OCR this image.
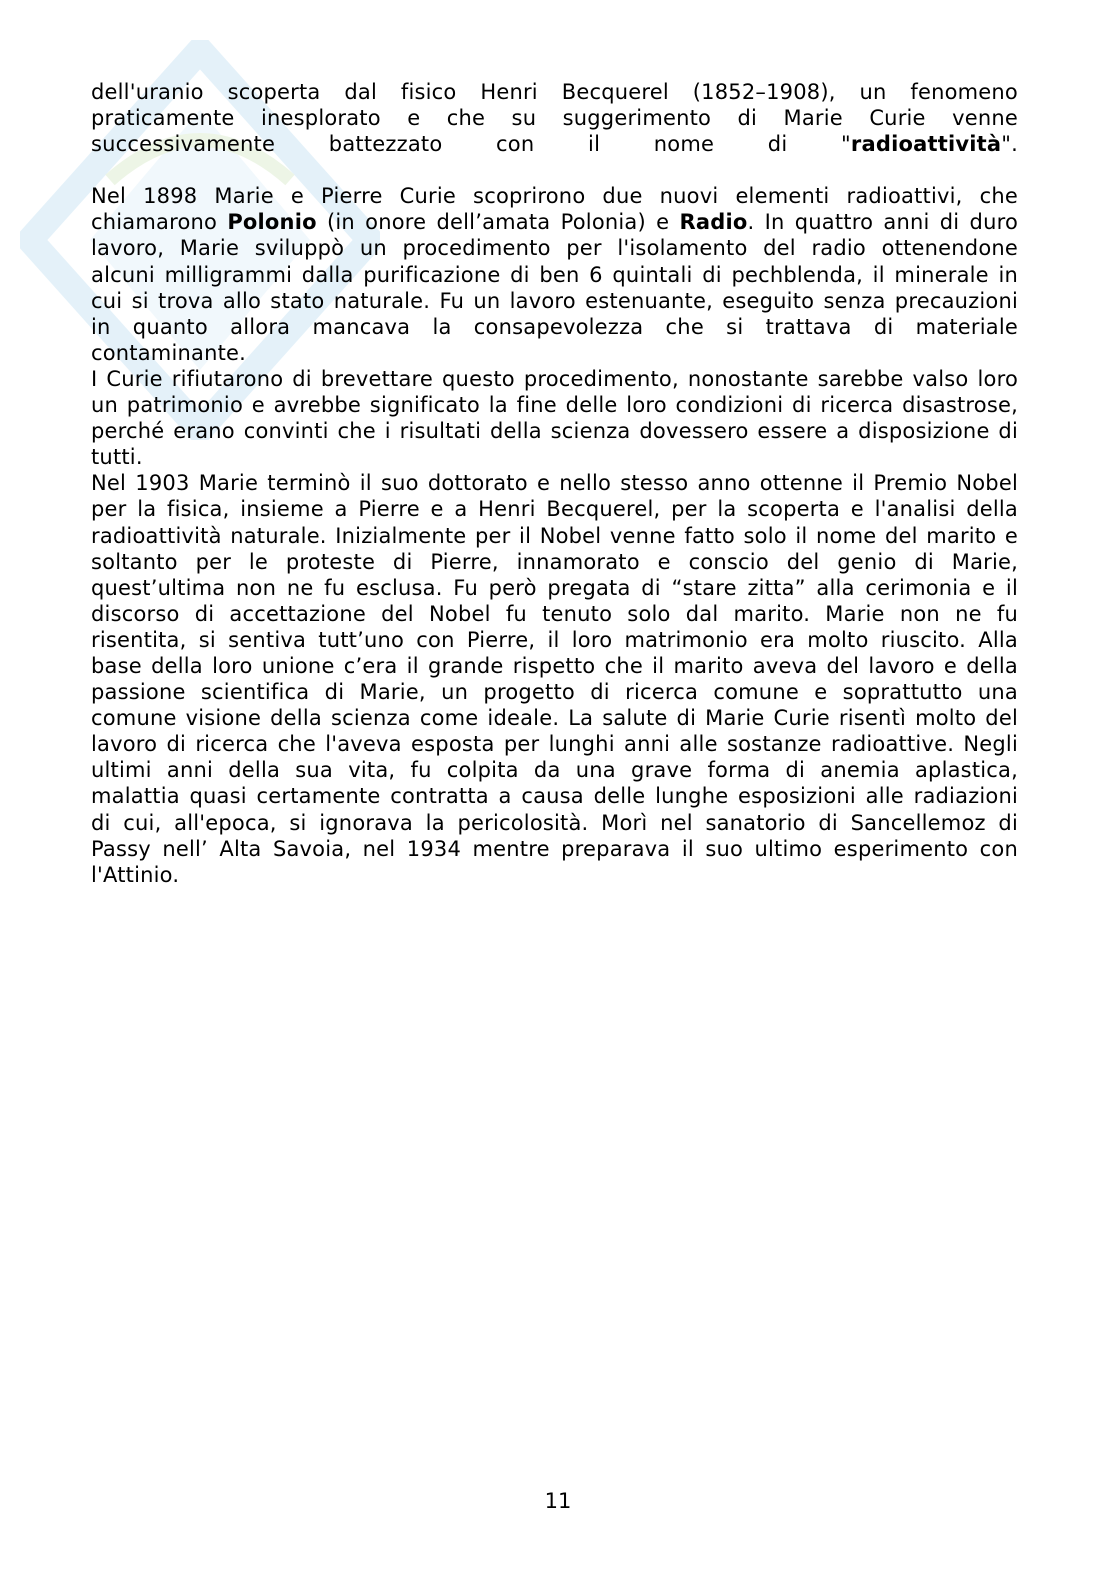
dell'uranio scoperta dal fisico Henri Becquerel (1852–1908), un fenomeno praticamente inesplorato e che su suggerimento di Marie Curie venne successivamente battezzato con il nome di "radioattività".

Nel 1898 Marie e Pierre Curie scoprirono due nuovi elementi radioattivi, che chiamarono Polonio (in onore dell’amata Polonia) e Radio. In quattro anni di duro lavoro, Marie sviluppò un procedimento per l'isolamento del radio ottenendone alcuni milligrammi dalla purificazione di ben 6 quintali di pechblenda, il minerale in cui si trova allo stato naturale. Fu un lavoro estenuante, eseguito senza precauzioni in quanto allora mancava la consapevolezza che si trattava di materiale contaminante.

I Curie rifiutarono di brevettare questo procedimento, nonostante sarebbe valso loro un patrimonio e avrebbe significato la fine delle loro condizioni di ricerca disastrose, perché erano convinti che i risultati della scienza dovessero essere a disposizione di tutti.

Nel 1903 Marie terminò il suo dottorato e nello stesso anno ottenne il Premio Nobel per la fisica, insieme a Pierre e a Henri Becquerel, per la scoperta e l'analisi della radioattività naturale. Inizialmente per il Nobel venne fatto solo il nome del marito e soltanto per le proteste di Pierre, innamorato e conscio del genio di Marie, quest’ultima non ne fu esclusa. Fu però pregata di “stare zitta” alla cerimonia e il discorso di accettazione del Nobel fu tenuto solo dal marito. Marie non ne fu risentita, si sentiva tutt’uno con Pierre, il loro matrimonio era molto riuscito. Alla base della loro unione c’era il grande rispetto che il marito aveva del lavoro e della passione scientifica di Marie, un progetto di ricerca comune e soprattutto una comune visione della scienza come ideale. La salute di Marie Curie risentì molto del lavoro di ricerca che l'aveva esposta per lunghi anni alle sostanze radioattive. Negli ultimi anni della sua vita, fu colpita da una grave forma di anemia aplastica, malattia quasi certamente contratta a causa delle lunghe esposizioni alle radiazioni di cui, all'epoca, si ignorava la pericolosità. Morì nel sanatorio di Sancellemoz di Passy nell’ Alta Savoia, nel 1934 mentre preparava il suo ultimo esperimento con l'Attinio.

11
